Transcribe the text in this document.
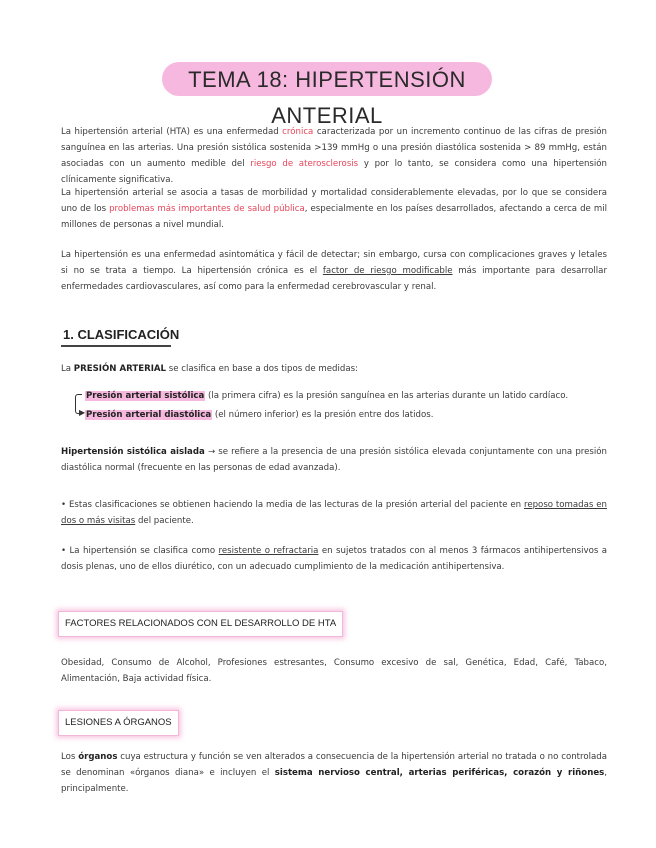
TEMA 18: HIPERTENSIÓN ANTERIAL

La hipertensión arterial (HTA) es una enfermedad crónica caracterizada por un incremento continuo de las cifras de presión sanguínea en las arterias. Una presión sistólica sostenida >139 mmHg o una presión diastólica sostenida > 89 mmHg, están asociadas con un aumento medible del riesgo de aterosclerosis y por lo tanto, se considera como una hipertensión clínicamente significativa.

La hipertensión arterial se asocia a tasas de morbilidad y mortalidad considerablemente elevadas, por lo que se considera uno de los problemas más importantes de salud pública, especialmente en los países desarrollados, afectando a cerca de mil millones de personas a nivel mundial.

La hipertensión es una enfermedad asintomática y fácil de detectar; sin embargo, cursa con complicaciones graves y letales si no se trata a tiempo. La hipertensión crónica es el factor de riesgo modificable más importante para desarrollar enfermedades cardiovasculares, así como para la enfermedad cerebrovascular y renal.

1. CLASIFICACIÓN

La PRESIÓN ARTERIAL se clasifica en base a dos tipos de medidas:

▶

Presión arterial sistólica (la primera cifra) es la presión sanguínea en las arterias durante un latido cardíaco.

Presión arterial diastólica (el número inferior) es la presión entre dos latidos.

Hipertensión sistólica aislada → se refiere a la presencia de una presión sistólica elevada conjuntamente con una presión diastólica normal (frecuente en las personas de edad avanzada).

• Estas clasificaciones se obtienen haciendo la media de las lecturas de la presión arterial del paciente en reposo tomadas en dos o más visitas del paciente.

• La hipertensión se clasifica como resistente o refractaria en sujetos tratados con al menos 3 fármacos antihipertensivos a dosis plenas, uno de ellos diurético, con un adecuado cumplimiento de la medicación antihipertensiva.

FACTORES RELACIONADOS CON EL DESARROLLO DE HTA

Obesidad, Consumo de Alcohol, Profesiones estresantes, Consumo excesivo de sal, Genética, Edad, Café, Tabaco, Alimentación, Baja actividad física.

LESIONES A ÓRGANOS

Los órganos cuya estructura y función se ven alterados a consecuencia de la hipertensión arterial no tratada o no controlada se denominan «órganos diana» e incluyen el sistema nervioso central, arterias periféricas, corazón y riñones, principalmente.
